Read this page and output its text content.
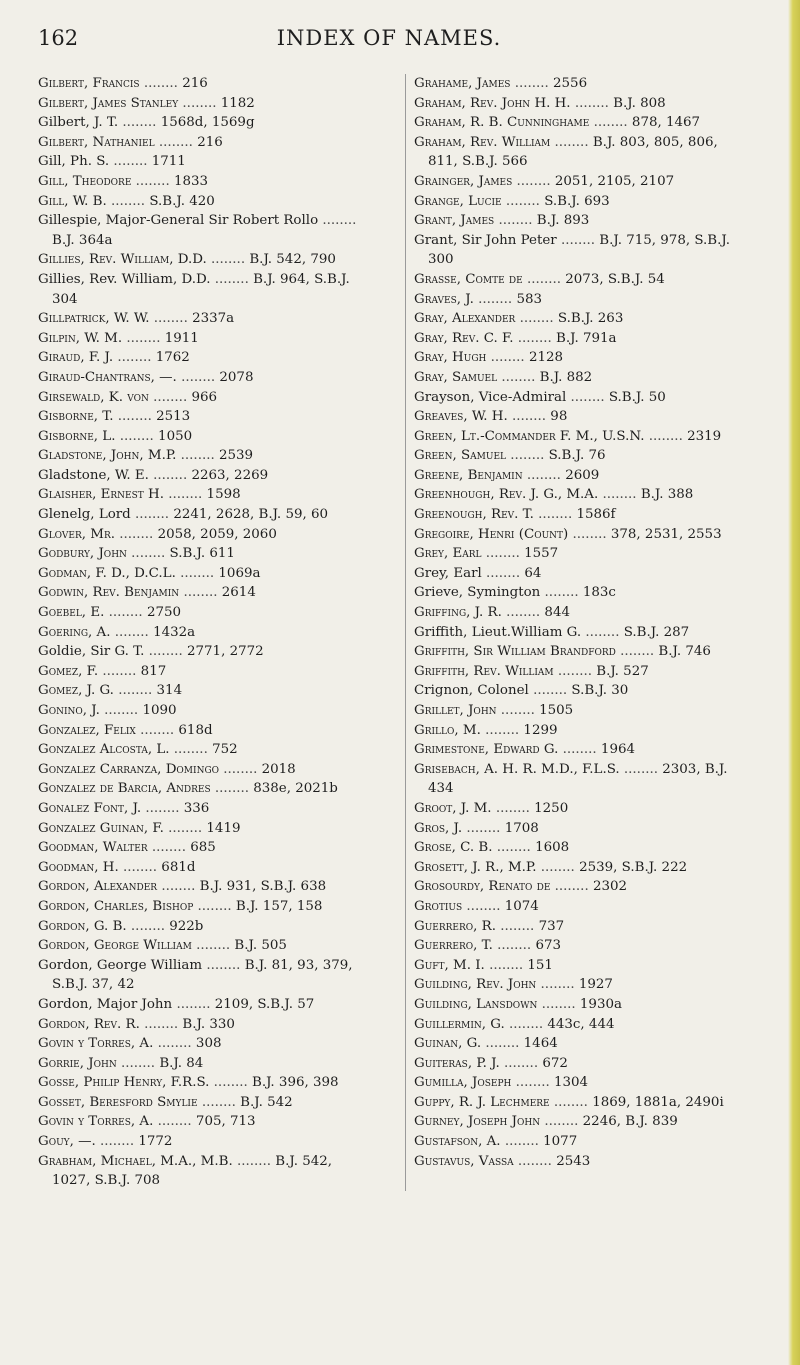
162	INDEX OF NAMES.
Gilbert, Francis ........ 216
Gilbert, James Stanley ........ 1182
Gilbert, J. T. ........ 1568d, 1569g
Gilbert, Nathaniel ........ 216
Gill, Ph. S. ........ 1711
Gill, Theodore ........ 1833
Gill, W. B. ........ S.B.J. 420
Gillespie, Major-General Sir Robert Rollo ........ B.J. 364a
Gillies, Rev. William, D.D. ........ B.J. 542, 790
Gillies, Rev. William, D.D. ........ B.J. 964, S.B.J. 304
Gillpatrick, W. W. ........ 2337a
Gilpin, W. M. ........ 1911
Giraud, F. J. ........ 1762
Giraud-Chantrans, —. ........ 2078
Girsewald, K. von ........ 966
Gisborne, T. ........ 2513
Gisborne, L. ........ 1050
Gladstone, John, M.P. ........ 2539
Gladstone, W. E. ........ 2263, 2269
Glaisher, Ernest H. ........ 1598
Glenelg, Lord ........ 2241, 2628, B.J. 59, 60
Glover, Mr. ........ 2058, 2059, 2060
Godbury, John ........ S.B.J. 611
Godman, F. D., D.C.L. ........ 1069a
Godwin, Rev. Benjamin ........ 2614
Goebel, E. ........ 2750
Goering, A. ........ 1432a
Goldie, Sir G. T. ........ 2771, 2772
Gomez, F. ........ 817
Gomez, J. G. ........ 314
Gonino, J. ........ 1090
Gonzalez, Felix ........ 618d
Gonzalez Alcosta, L. ........ 752
Gonzalez Carranza, Domingo ........ 2018
Gonzalez de Barcia, Andres ........ 838e, 2021b
Gonalez Font, J. ........ 336
Gonzalez Guinan, F. ........ 1419
Goodman, Walter ........ 685
Goodman, H. ........ 681d
Gordon, Alexander ........ B.J. 931, S.B.J. 638
Gordon, Charles, Bishop ........ B.J. 157, 158
Gordon, G. B. ........ 922b
Gordon, George William ........ B.J. 505
Gordon, George William ........ B.J. 81, 93, 379, S.B.J. 37, 42
Gordon, Major John ........ 2109, S.B.J. 57
Gordon, Rev. R. ........ B.J. 330
Govin y Torres, A. ........ 308
Gorrie, John ........ B.J. 84
Gosse, Philip Henry, F.R.S. ........ B.J. 396, 398
Gosset, Beresford Smylie ........ B.J. 542
Govin y Torres, A. ........ 705, 713
Gouy, —. ........ 1772
Grabham, Michael, M.A., M.B. ........ B.J. 542, 1027, S.B.J. 708
Grahame, James ........ 2556
Graham, Rev. John H. H. ........ B.J. 808
Graham, R. B. Cunninghame ........ 878, 1467
Graham, Rev. William ........ B.J. 803, 805, 806, 811, S.B.J. 566
Grainger, James ........ 2051, 2105, 2107
Grange, Lucie ........ S.B.J. 693
Grant, James ........ B.J. 893
Grant, Sir John Peter ........ B.J. 715, 978, S.B.J. 300
Grasse, Comte de ........ 2073, S.B.J. 54
Graves, J. ........ 583
Gray, Alexander ........ S.B.J. 263
Gray, Rev. C. F. ........ B.J. 791a
Gray, Hugh ........ 2128
Gray, Samuel ........ B.J. 882
Grayson, Vice-Admiral ........ S.B.J. 50
Greaves, W. H. ........ 98
Green, Lt.-Commander F. M., U.S.N. ........ 2319
Green, Samuel ........ S.B.J. 76
Greene, Benjamin ........ 2609
Greenhough, Rev. J. G., M.A. ........ B.J. 388
Greenough, Rev. T. ........ 1586f
Gregoire, Henri (Count) ........ 378, 2531, 2553
Grey, Earl ........ 1557
Grey, Earl ........ 64
Grieve, Symington ........ 183c
Griffing, J. R. ........ 844
Griffith, Lieut.William G. ........ S.B.J. 287
Griffith, Sir William Brandford ........ B.J. 746
Griffith, Rev. William ........ B.J. 527
Crignon, Colonel ........ S.B.J. 30
Grillet, John ........ 1505
Grillo, M. ........ 1299
Grimestone, Edward G. ........ 1964
Grisebach, A. H. R. M.D., F.L.S. ........ 2303, B.J. 434
Groot, J. M. ........ 1250
Gros, J. ........ 1708
Grose, C. B. ........ 1608
Grosett, J. R., M.P. ........ 2539, S.B.J. 222
Grosourdy, Renato de ........ 2302
Grotius ........ 1074
Guerrero, R. ........ 737
Guerrero, T. ........ 673
Guft, M. I. ........ 151
Guilding, Rev. John ........ 1927
Guilding, Lansdown ........ 1930a
Guillermin, G. ........ 443c, 444
Guinan, G. ........ 1464
Guiteras, P. J. ........ 672
Gumilla, Joseph ........ 1304
Guppy, R. J. Lechmere ........ 1869, 1881a, 2490i
Gurney, Joseph John ........ 2246, B.J. 839
Gustafson, A. ........ 1077
Gustavus, Vassa ........ 2543
